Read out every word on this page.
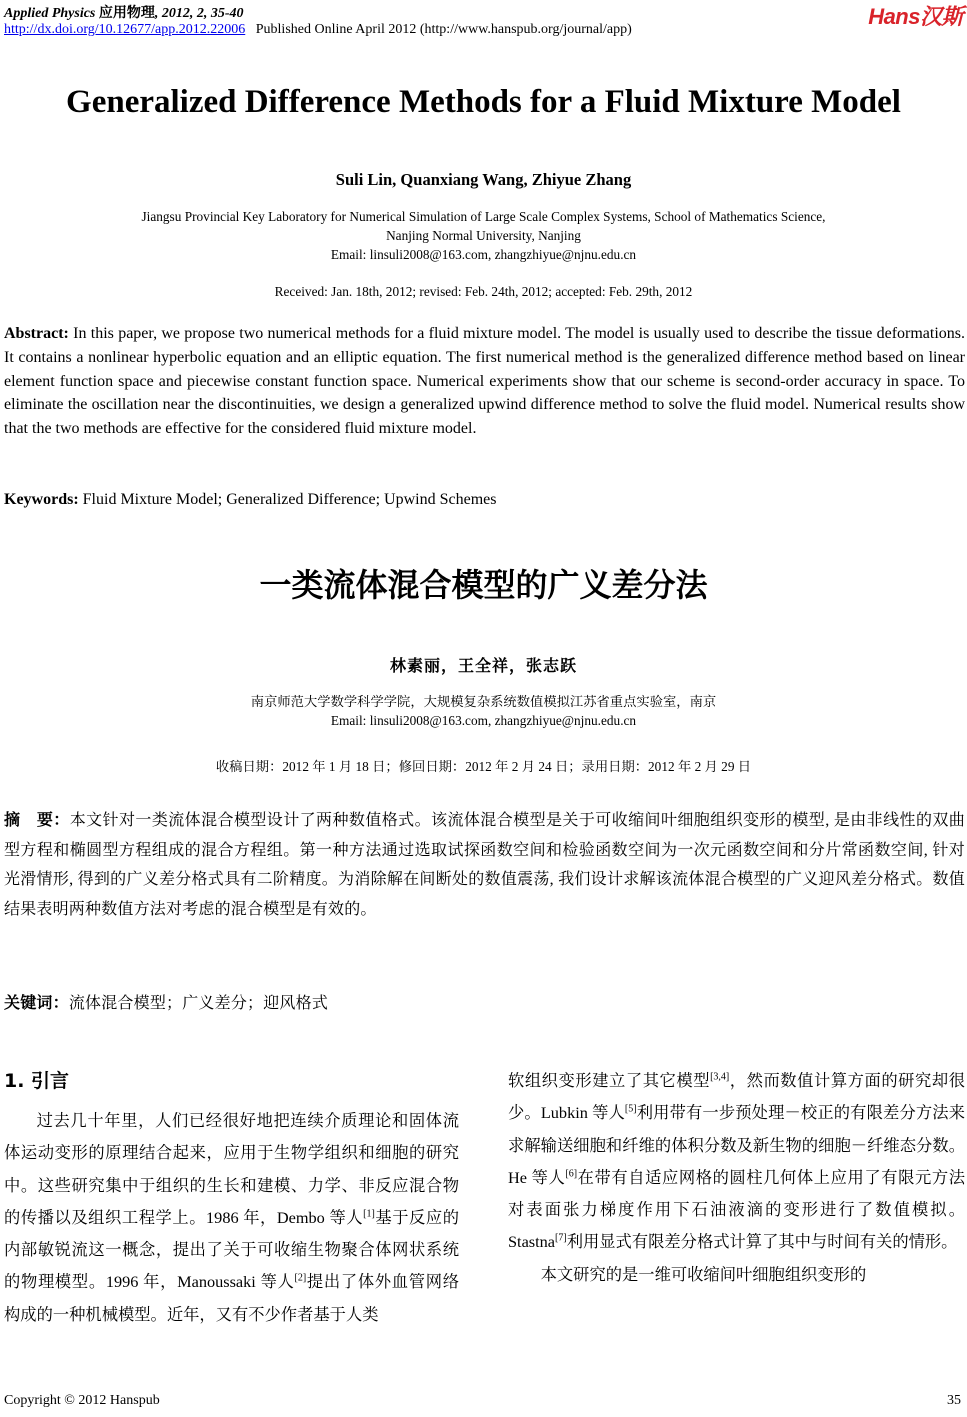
Applied Physics 应用物理, 2012, 2, 35-40
http://dx.doi.org/10.12677/app.2012.22006 Published Online April 2012 (http://www.hanspub.org/journal/app)
Hans汉斯
Generalized Difference Methods for a Fluid Mixture Model
Suli Lin, Quanxiang Wang, Zhiyue Zhang
Jiangsu Provincial Key Laboratory for Numerical Simulation of Large Scale Complex Systems, School of Mathematics Science,
Nanjing Normal University, Nanjing
Email: linsuli2008@163.com, zhangzhiyue@njnu.edu.cn
Received: Jan. 18th, 2012; revised: Feb. 24th, 2012; accepted: Feb. 29th, 2012
Abstract: In this paper, we propose two numerical methods for a fluid mixture model. The model is usually used to describe the tissue deformations. It contains a nonlinear hyperbolic equation and an elliptic equation. The first numerical method is the generalized difference method based on linear element function space and piecewise constant function space. Numerical experiments show that our scheme is second-order accuracy in space. To eliminate the oscillation near the discontinuities, we design a generalized upwind difference method to solve the fluid model. Numerical results show that the two methods are effective for the considered fluid mixture model.
Keywords: Fluid Mixture Model; Generalized Difference; Upwind Schemes
一类流体混合模型的广义差分法
林素丽，王全祥，张志跃
南京师范大学数学科学学院，大规模复杂系统数值模拟江苏省重点实验室，南京
Email: linsuli2008@163.com, zhangzhiyue@njnu.edu.cn
收稿日期：2012 年 1 月 18 日；修回日期：2012 年 2 月 24 日；录用日期：2012 年 2 月 29 日
摘　要：本文针对一类流体混合模型设计了两种数值格式。该流体混合模型是关于可收缩间叶细胞组织变形的模型, 是由非线性的双曲型方程和椭圆型方程组成的混合方程组。第一种方法通过选取试探函数空间和检验函数空间为一次元函数空间和分片常函数空间, 针对光滑情形, 得到的广义差分格式具有二阶精度。为消除解在间断处的数值震荡, 我们设计求解该流体混合模型的广义迎风差分格式。数值结果表明两种数值方法对考虑的混合模型是有效的。
关键词：流体混合模型；广义差分；迎风格式
1. 引言
过去几十年里，人们已经很好地把连续介质理论和固体流体运动变形的原理结合起来，应用于生物学组织和细胞的研究中。这些研究集中于组织的生长和建模、力学、非反应混合物的传播以及组织工程学上。1986 年，Dembo 等人[1]基于反应的内部敏锐流这一概念，提出了关于可收缩生物聚合体网状系统的物理模型。1996 年，Manoussaki 等人[2]提出了体外血管网络构成的一种机械模型。近年，又有不少作者基于人类
软组织变形建立了其它模型[3,4]，然而数值计算方面的研究却很少。Lubkin 等人[5]利用带有一步预处理－校正的有限差分方法来求解输送细胞和纤维的体积分数及新生物的细胞－纤维态分数。He 等人[6]在带有自适应网格的圆柱几何体上应用了有限元方法对表面张力梯度作用下石油液滴的变形进行了数值模拟。Stastna[7]利用显式有限差分格式计算了其中与时间有关的情形。
本文研究的是一维可收缩间叶细胞组织变形的
Copyright © 2012 Hanspub	35
